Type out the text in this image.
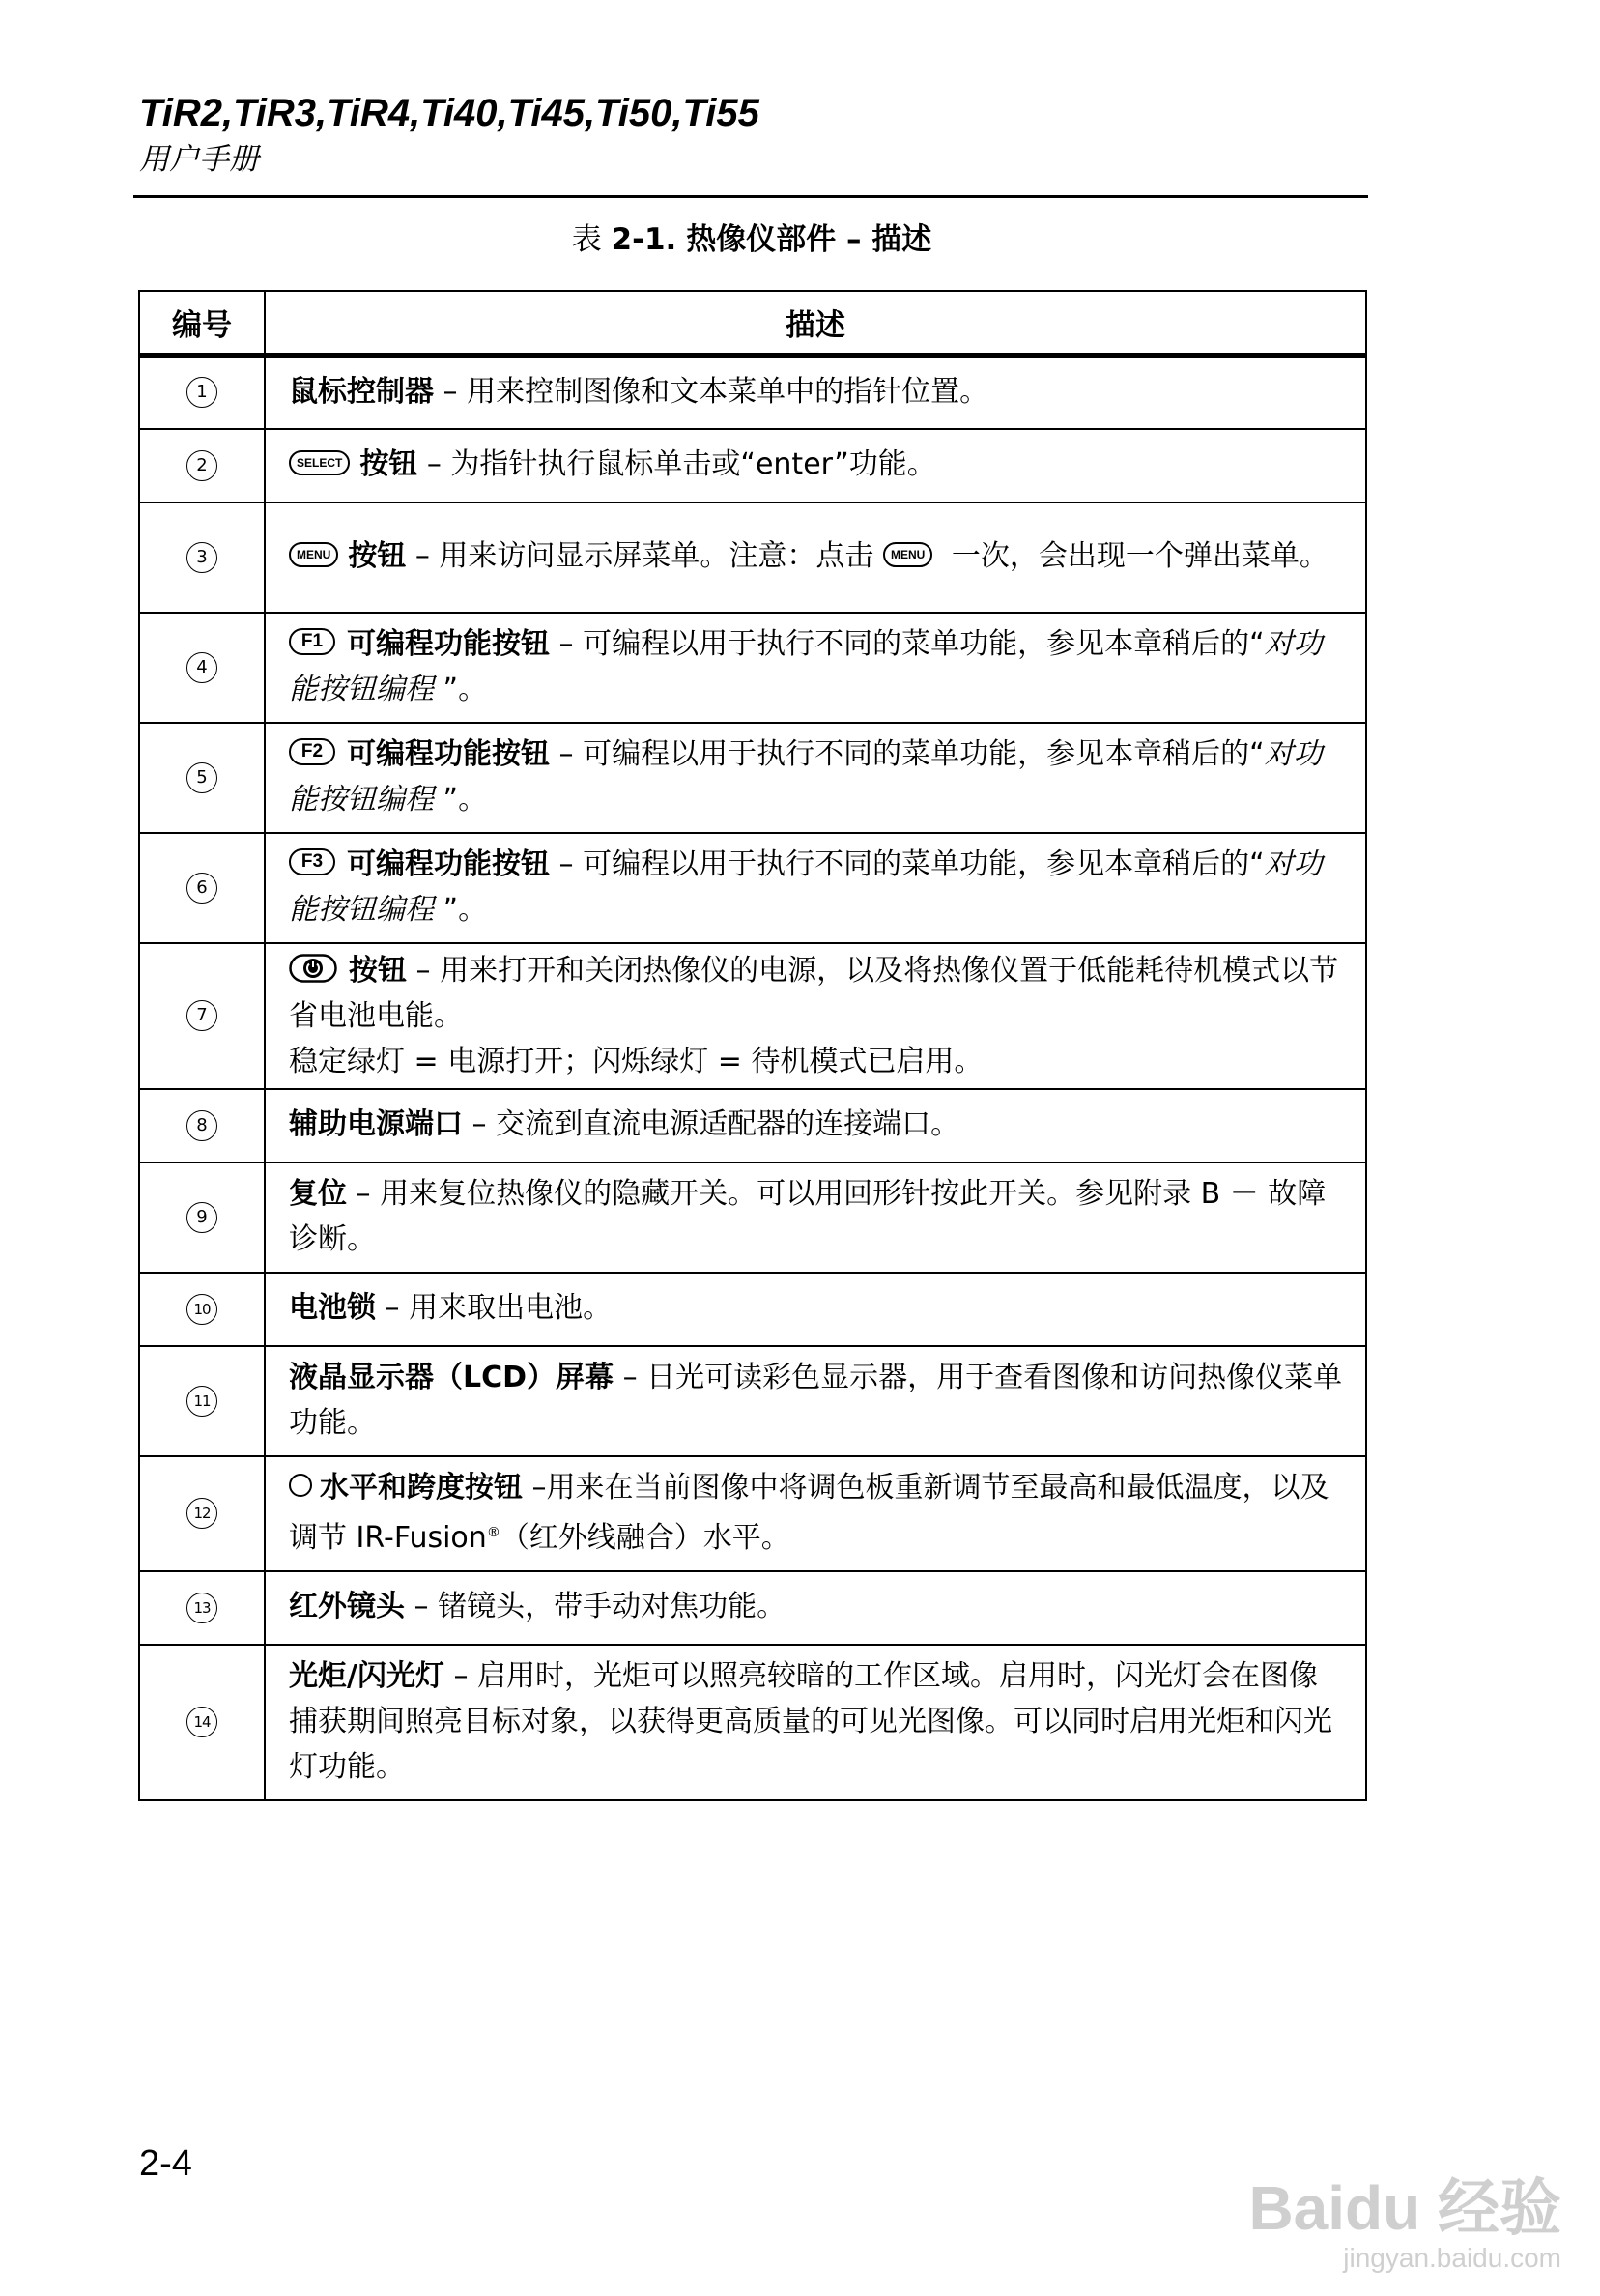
TiR2,TiR3,TiR4,Ti40,Ti45,Ti50,Ti55
用户手册
表 2-1. 热像仪部件 – 描述
编号	描述
1	鼠标控制器 – 用来控制图像和文本菜单中的指针位置。
2	SELECT 按钮 – 为指针执行鼠标单击或“enter”功能。
3	MENU 按钮 – 用来访问显示屏菜单。注意：点击 MENU 一次，会出现一个弹出菜单。
4	F1 可编程功能按钮 – 可编程以用于执行不同的菜单功能，参见本章稍后的“对功能按钮编程 ”。
5	F2 可编程功能按钮 – 可编程以用于执行不同的菜单功能，参见本章稍后的“对功能按钮编程 ”。
6	F3 可编程功能按钮 – 可编程以用于执行不同的菜单功能，参见本章稍后的“对功能按钮编程 ”。
7	按钮 – 用来打开和关闭热像仪的电源，以及将热像仪置于低能耗待机模式以节省电池电能。
稳定绿灯 = 电源打开；闪烁绿灯 = 待机模式已启用。
8	辅助电源端口 – 交流到直流电源适配器的连接端口。
9	复位 – 用来复位热像仪的隐藏开关。可以用回形针按此开关。参见附录 B － 故障诊断。
10	电池锁 – 用来取出电池。
11	液晶显示器（LCD）屏幕 – 日光可读彩色显示器，用于查看图像和访问热像仪菜单功能。
12	水平和跨度按钮 –用来在当前图像中将调色板重新调节至最高和最低温度，以及调节 IR-Fusion®（红外线融合）水平。
13	红外镜头 – 锗镜头，带手动对焦功能。
14	光炬/闪光灯 – 启用时，光炬可以照亮较暗的工作区域。启用时，闪光灯会在图像捕获期间照亮目标对象，以获得更高质量的可见光图像。可以同时启用光炬和闪光灯功能。
2-4
Baidu 经验
jingyan.baidu.com
